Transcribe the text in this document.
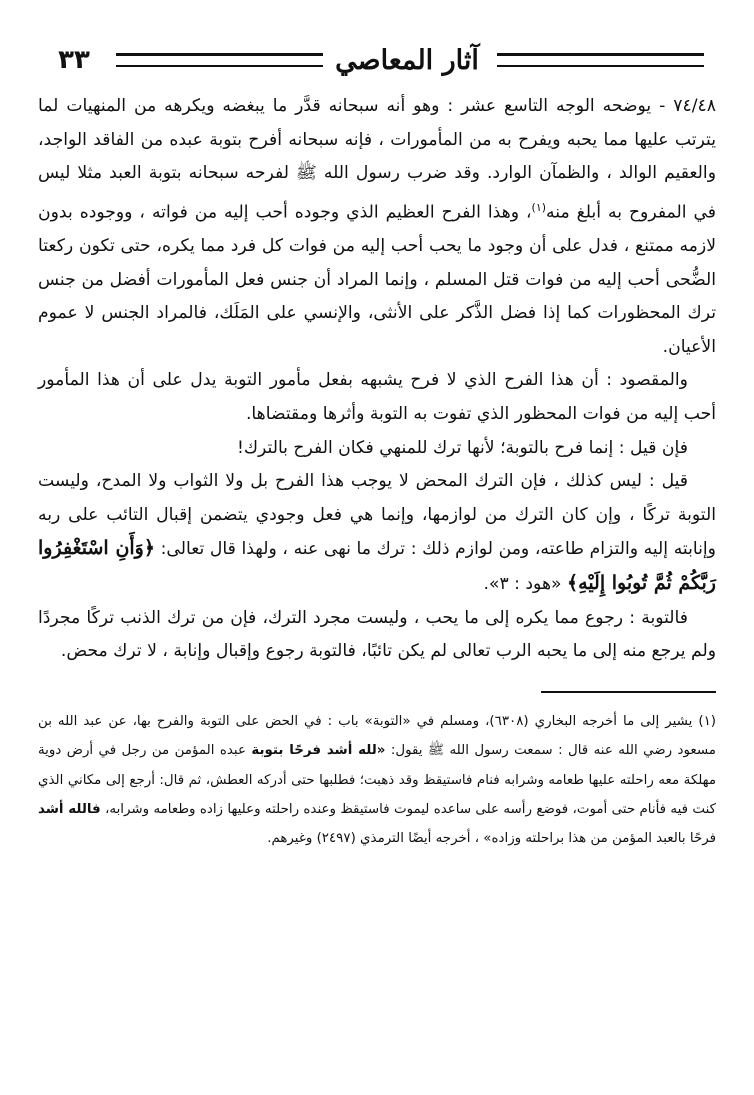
٣٣	آثار المعاصي

٧٤/٤٨ - يوضحه الوجه التاسع عشر : وهو أنه سبحانه قدَّر ما يبغضه ويكرهه من المنهيات لما يترتب عليها مما يحبه ويفرح به من المأمورات ، فإنه سبحانه أفرح بتوبة عبده من الفاقد الواجد، والعقيم الوالد ، والظمآن الوارد. وقد ضرب رسول الله ﷺ لفرحه سبحانه بتوبة العبد مثلا ليس في المفروح به أبلغ منه$^{(١)}$، وهذا الفرح العظيم الذي وجوده أحب إليه من فواته ، ووجوده بدون لازمه ممتنع ، فدل على أن وجود ما يحب أحب إليه من فوات كل فرد مما يكره، حتى تكون ركعتا الضُّحى أحب إليه من فوات قتل المسلم ، وإنما المراد أن جنس فعل المأمورات أفضل من جنس ترك المحظورات كما إذا فضل الذَّكر على الأنثى، والإنسي على المَلَك، فالمراد الجنس لا عموم الأعيان.

والمقصود : أن هذا الفرح الذي لا فرح يشبهه بفعل مأمور التوبة يدل على أن هذا المأمور أحب إليه من فوات المحظور الذي تفوت به التوبة وأثرها ومقتضاها.

فإن قيل : إنما فرح بالتوبة؛ لأنها ترك للمنهي فكان الفرح بالترك!

قيل : ليس كذلك ، فإن الترك المحض لا يوجب هذا الفرح بل ولا الثواب ولا المدح، وليست التوبة تركًا ، وإن كان الترك من لوازمها، وإنما هي فعل وجودي يتضمن إقبال التائب على ربه وإنابته إليه والتزام طاعته، ومن لوازم ذلك : ترك ما نهى عنه ، ولهذا قال تعالى: ﴿وَأَنِ اسْتَغْفِرُوا رَبَّكُمْ ثُمَّ تُوبُوا إِلَيْهِ﴾ «هود : ٣».

فالتوبة : رجوع مما يكره إلى ما يحب ، وليست مجرد الترك، فإن من ترك الذنب تركًا مجردًا ولم يرجع منه إلى ما يحبه الرب تعالى لم يكن تائبًا، فالتوبة رجوع وإقبال وإنابة ، لا ترك محض.

(١) يشير إلى ما أخرجه البخاري (٦٣٠٨)، ومسلم في «التوبة» باب : في الحض على التوبة والفرح بها، عن عبد الله بن مسعود رضي الله عنه قال : سمعت رسول الله ﷺ يقول: «لله أشد فرحًا بتوبة عبده المؤمن من رجل في أرض دوية مهلكة معه راحلته عليها طعامه وشرابه فنام فاستيقظ وقد ذهبت؛ فطلبها حتى أدركه العطش، ثم قال: أرجع إلى مكاني الذي كنت فيه فأنام حتى أموت، فوضع رأسه على ساعده ليموت فاستيقظ وعنده راحلته وعليها زاده وطعامه وشرابه، فالله أشد فرحًا بالعبد المؤمن من هذا براحلته وزاده» ، أخرجه أيضًا الترمذي (٢٤٩٧) وغيرهم.
